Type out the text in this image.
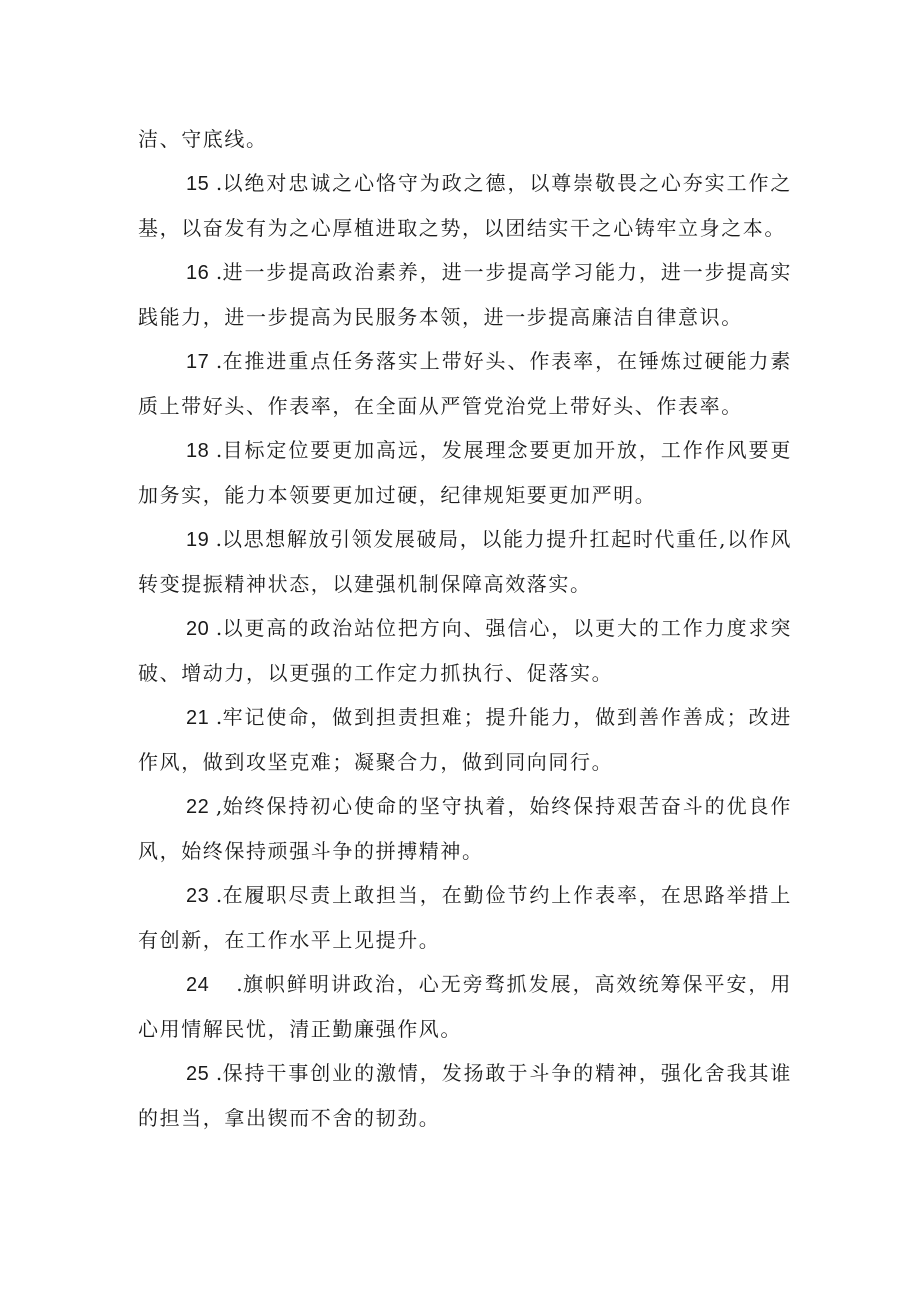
洁、守底线。

15 .以绝对忠诚之心恪守为政之德，以尊崇敬畏之心夯实工作之基，以奋发有为之心厚植进取之势，以团结实干之心铸牢立身之本。

16 .进一步提高政治素养，进一步提高学习能力，进一步提高实践能力，进一步提高为民服务本领，进一步提高廉洁自律意识。

17 .在推进重点任务落实上带好头、作表率，在锤炼过硬能力素质上带好头、作表率，在全面从严管党治党上带好头、作表率。

18 .目标定位要更加高远，发展理念要更加开放，工作作风要更加务实，能力本领要更加过硬，纪律规矩要更加严明。

19 .以思想解放引领发展破局，以能力提升扛起时代重任,以作风转变提振精神状态，以建强机制保障高效落实。

20 .以更高的政治站位把方向、强信心，以更大的工作力度求突破、增动力，以更强的工作定力抓执行、促落实。

21 .牢记使命，做到担责担难；提升能力，做到善作善成；改进作风，做到攻坚克难；凝聚合力，做到同向同行。

22 ,始终保持初心使命的坚守执着，始终保持艰苦奋斗的优良作风，始终保持顽强斗争的拼搏精神。

23 .在履职尽责上敢担当，在勤俭节约上作表率，在思路举措上有创新，在工作水平上见提升。

24    .旗帜鲜明讲政治，心无旁骛抓发展，高效统筹保平安，用心用情解民忧，清正勤廉强作风。

25 .保持干事创业的激情，发扬敢于斗争的精神，强化舍我其谁的担当，拿出锲而不舍的韧劲。
